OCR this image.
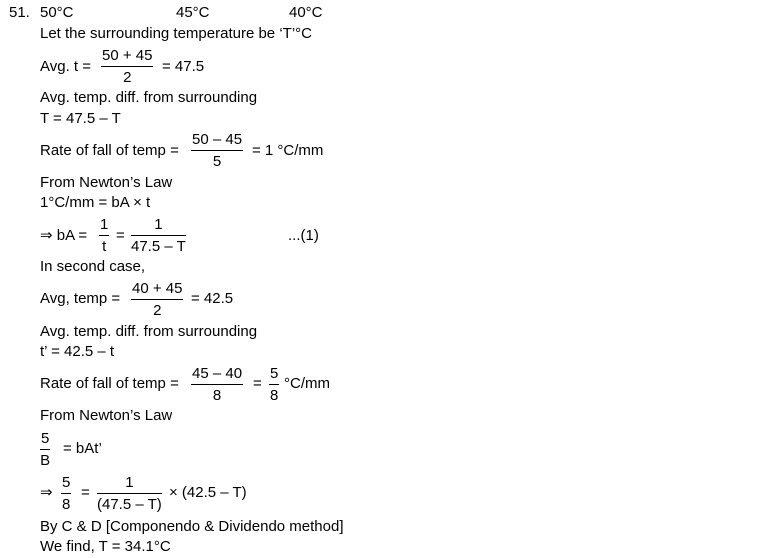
51. 50°C	45°C	40°C
Let the surrounding temperature be ‘T’°C
Avg. t =
50 + 45
2
= 47.5
Avg. temp. diff. from surrounding
T = 47.5 – T
Rate of fall of temp =
50 – 45
5
= 1 °C/mm
From Newton’s Law
1°C/mm = bA × t
⇒ bA =
1
t
=
1
47.5 – T
...(1)
In second case,
Avg, temp =
40 + 45
2
= 42.5
Avg. temp. diff. from surrounding
t’ = 42.5 – t
Rate of fall of temp =
45 – 40
8
=
5
8
°C/mm
From Newton’s Law
5
B
= bAt’
⇒
5
8
=
1
(47.5 – T)
× (42.5 – T)
By C & D [Componendo & Dividendo method]
We find, T = 34.1°C
